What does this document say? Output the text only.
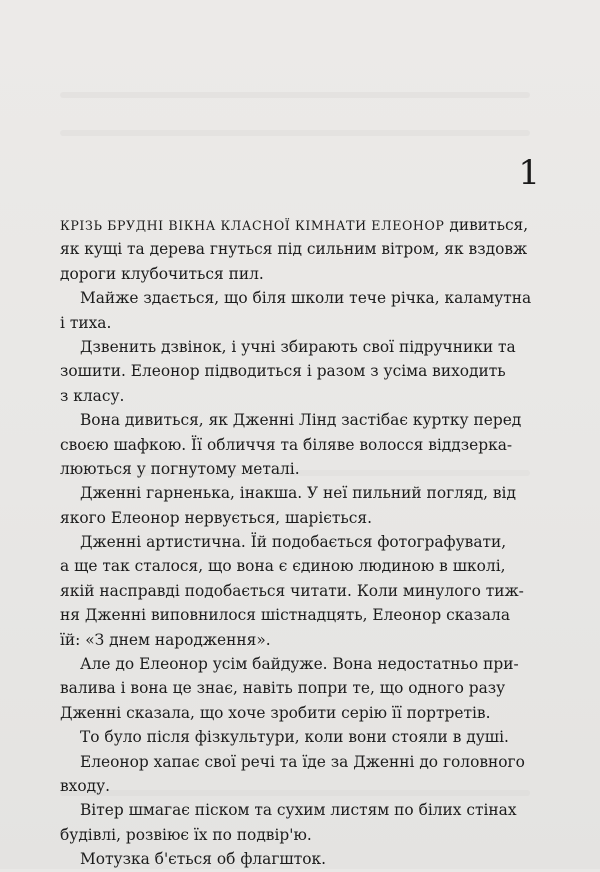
1
КРІЗЬ БРУДНІ ВІКНА КЛАСНОЇ КІМНАТИ ЕЛЕОНОР дивиться,
як кущі та дерева гнуться під сильним вітром, як вздовж
дороги клубочиться пил.
Майже здається, що біля школи тече річка, каламутна
і тиха.
Дзвенить дзвінок, і учні збирають свої підручники та
зошити. Елеонор підводиться і разом з усіма виходить
з класу.
Вона дивиться, як Дженні Лінд застібає куртку перед
своєю шафкою. Її обличчя та біляве волосся віддзерка-
люються у погнутому металі.
Дженні гарненька, інакша. У неї пильний погляд, від
якого Елеонор нервується, шаріється.
Дженні артистична. Їй подобається фотографувати,
а ще так сталося, що вона є єдиною людиною в школі,
якій насправді подобається читати. Коли минулого тиж-
ня Дженні виповнилося шістнадцять, Елеонор сказала
їй: «З днем народження».
Але до Елеонор усім байдуже. Вона недостатньо при-
валива і вона це знає, навіть попри те, що одного разу
Дженні сказала, що хоче зробити серію її портретів.
То було після фізкультури, коли вони стояли в душі.
Елеонор хапає свої речі та їде за Дженні до головного
входу.
Вітер шмагає піском та сухим листям по білих стінах
будівлі, розвіює їх по подвір'ю.
Мотузка б'ється об флагшток.
